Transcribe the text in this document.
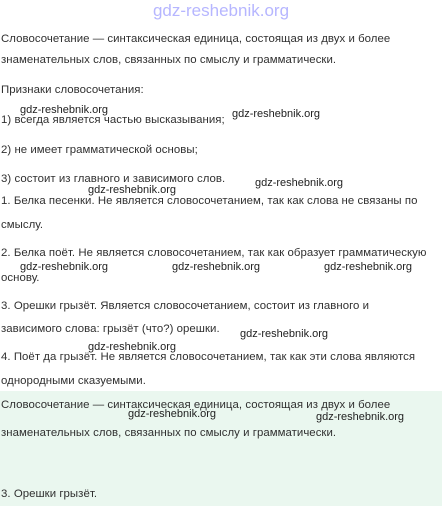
gdz-reshebnik.org

Словосочетание — синтаксическая единица, состоящая из двух и более

знаменательных слов, связанных по смыслу и грамматически.

Признаки словосочетания:

1) всегда является частью высказывания;

2) не имеет грамматической основы;

3) состоит из главного и зависимого слов.

1. Белка песенки. Не является словосочетанием, так как слова не связаны по

смыслу.

2. Белка поёт. Не является словосочетанием, так как образует грамматическую

основу.

3. Орешки грызёт. Является словосочетанием, состоит из главного и

зависимого слова: грызёт (что?) орешки.

4. Поёт да грызёт. Не является словосочетанием, так как эти слова являются

однородными сказуемыми.

Словосочетание — синтаксическая единица, состоящая из двух и более

знаменательных слов, связанных по смыслу и грамматически.

3. Орешки грызёт.

gdz-reshebnik.org	gdz-reshebnik.org
gdz-reshebnik.org
gdz-reshebnik.org
gdz-reshebnik.org	gdz-reshebnik.org	gdz-reshebnik.org
gdz-reshebnik.org
gdz-reshebnik.org
gdz-reshebnik.org	gdz-reshebnik.org
